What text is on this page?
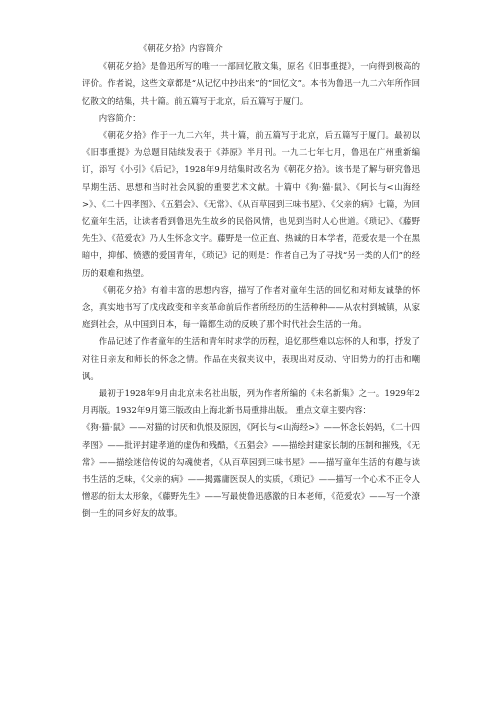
《朝花夕拾》内容简介

《朝花夕拾》是鲁迅所写的唯一一部回忆散文集，原名《旧事重提》，一向得到极高的评价。作者说，这些文章都是“从记忆中抄出来”的“回忆文”。本书为鲁迅一九二六年所作回忆散文的结集，共十篇。前五篇写于北京，后五篇写于厦门。

内容简介：

《朝花夕拾》作于一九二六年，共十篇，前五篇写于北京，后五篇写于厦门。最初以《旧事重提》为总题目陆续发表于《莽原》半月刊。一九二七年七月，鲁迅在广州重新编订，添写《小引》《后记》，1928年9月结集时改名为《朝花夕拾》。该书是了解与研究鲁迅早期生活、思想和当时社会风貌的重要艺术文献。十篇中《狗·猫·鼠》、《阿长与<山海经>》、《二十四孝图》、《五猖会》、《无常》、《从百草园到三味书屋》、《父亲的病》七篇，为回忆童年生活，让读者看到鲁迅先生故乡的民俗风情，也见到当时人心世道。《琐记》、《藤野先生》、《范爱农》乃人生怀念文字。藤野是一位正直、热诚的日本学者，范爱农是一个在黑暗中，抑郁、愤懑的爱国青年，《琐记》记的则是：作者自己为了寻找“另一类的人们”的经历的艰难和热望。

《朝花夕拾》有着丰富的思想内容，描写了作者对童年生活的回忆和对师友诚挚的怀念，真实地书写了戊戌政变和辛亥革命前后作者所经历的生活种种——从农村到城镇，从家庭到社会，从中国到日本，每一篇都生动的反映了那个时代社会生活的一角。

作品记述了作者童年的生活和青年时求学的历程，追忆那些难以忘怀的人和事，抒发了对往日亲友和师长的怀念之情。作品在夹叙夹议中，表现出对反动、守旧势力的打击和嘲讽。

最初于1928年9月由北京未名社出版，列为作者所编的《未名新集》之一。1929年2月再版。1932年9月第三版改由上海北新书局重排出版。 重点文章主要内容：

《狗·猫·鼠》——对猫的讨厌和仇恨及原因，《阿长与<山海经>》——怀念长妈妈，《二十四孝图》——批评封建孝道的虚伪和残酷，《五猖会》——描绘封建家长制的压制和摧残，《无常》——描绘迷信传说的勾魂使者，《从百草园到三味书屋》——描写童年生活的有趣与读书生活的乏味，《父亲的病》——揭露庸医误人的实质，《琐记》——描写一个心术不正令人憎恶的衍太太形象，《藤野先生》——写最使鲁迅感激的日本老师，《范爱农》——写一个潦倒一生的同乡好友的故事。
